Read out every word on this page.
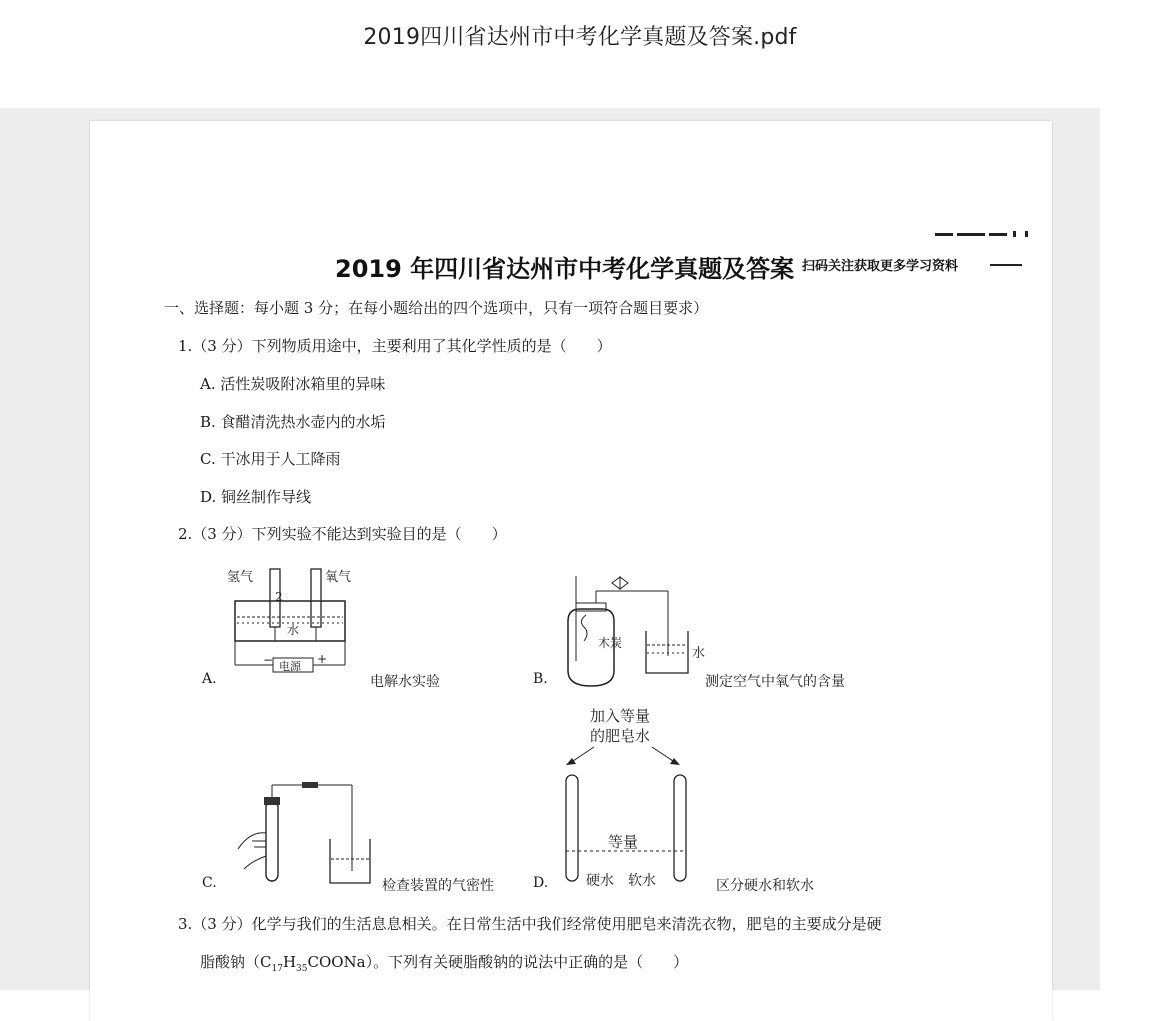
2019四川省达州市中考化学真题及答案.pdf
2019 年四川省达州市中考化学真题及答案 扫码关注获取更多学习资料
一、选择题：每小题 3 分；在每小题给出的四个选项中，只有一项符合题目要求）
1.（3 分）下列物质用途中，主要利用了其化学性质的是（　　）
A. 活性炭吸附冰箱里的异味
B. 食醋清洗热水壶内的水垢
C. 干冰用于人工降雨
D. 铜丝制作导线
2.（3 分）下列实验不能达到实验目的是（　　）
2
水
电源
−	+
氢气	氧气
A.	电解水实验
木炭
水
B.	测定空气中氧气的含量
C.	检查装置的气密性
加入等量
的肥皂水
等量
硬水 软水
D.	区分硬水和软水
3.（3 分）化学与我们的生活息息相关。在日常生活中我们经常使用肥皂来清洗衣物，肥皂的主要成分是硬
脂酸钠$(C_{17}H_{35}COONa)$。下列有关硬脂酸钠的说法中正确的是（　　）
